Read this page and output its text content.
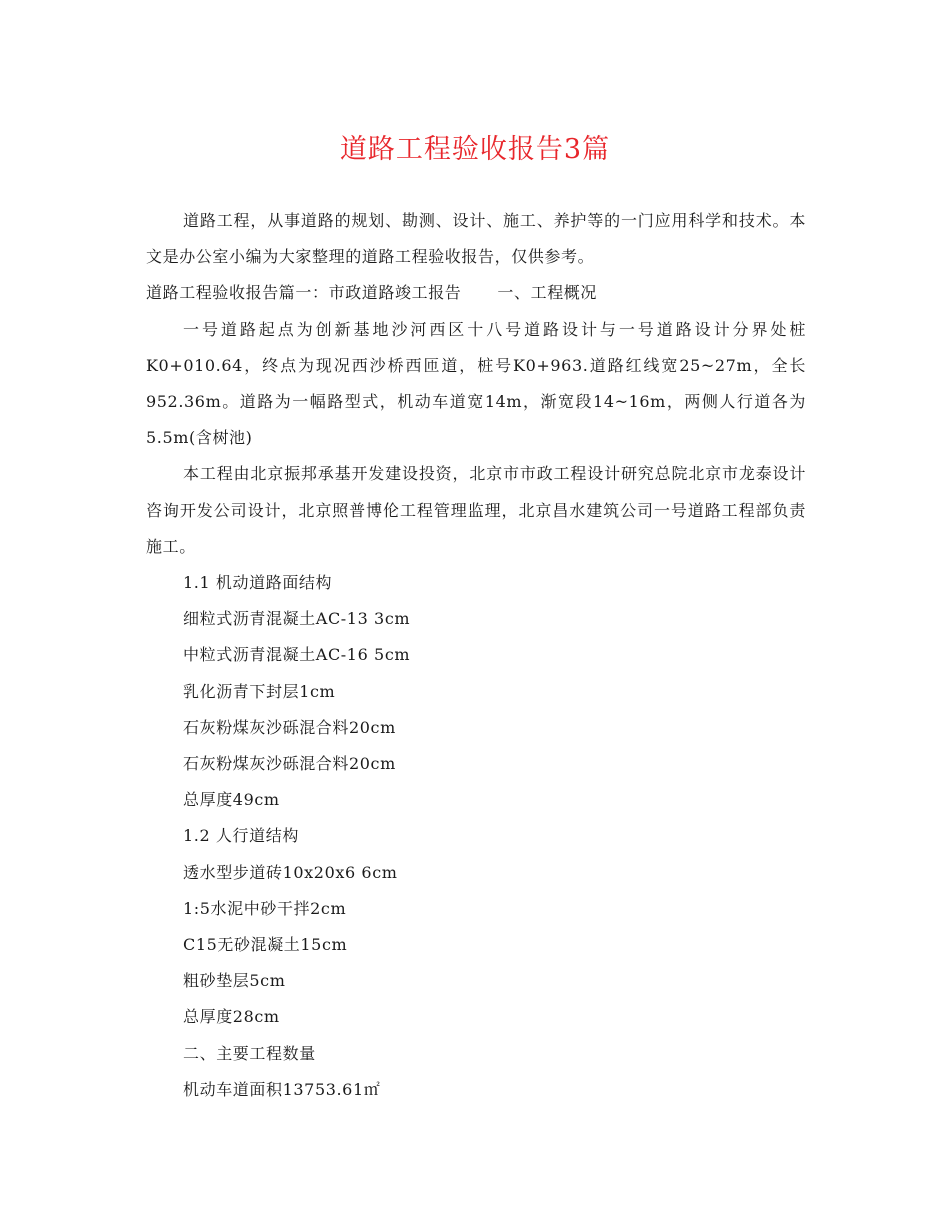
道路工程验收报告3篇

道路工程，从事道路的规划、勘测、设计、施工、养护等的一门应用科学和技术。本文是办公室小编为大家整理的道路工程验收报告，仅供参考。

道路工程验收报告篇一：市政道路竣工报告 一、工程概况

一号道路起点为创新基地沙河西区十八号道路设计与一号道路设计分界处桩K0+010.64，终点为现况西沙桥西匝道，桩号K0+963.道路红线宽25~27m，全长952.36m。道路为一幅路型式，机动车道宽14m，渐宽段14~16m，两侧人行道各为5.5m(含树池)

本工程由北京振邦承基开发建设投资，北京市市政工程设计研究总院北京市龙泰设计咨询开发公司设计，北京照普博伦工程管理监理，北京昌水建筑公司一号道路工程部负责施工。

1.1 机动道路面结构

细粒式沥青混凝土AC-13 3cm

中粒式沥青混凝土AC-16 5cm

乳化沥青下封层1cm

石灰粉煤灰沙砾混合料20cm

石灰粉煤灰沙砾混合料20cm

总厚度49cm

1.2 人行道结构

透水型步道砖10x20x6 6cm

1:5水泥中砂干拌2cm

C15无砂混凝土15cm

粗砂垫层5cm

总厚度28cm

二、主要工程数量

机动车道面积13753.61㎡
